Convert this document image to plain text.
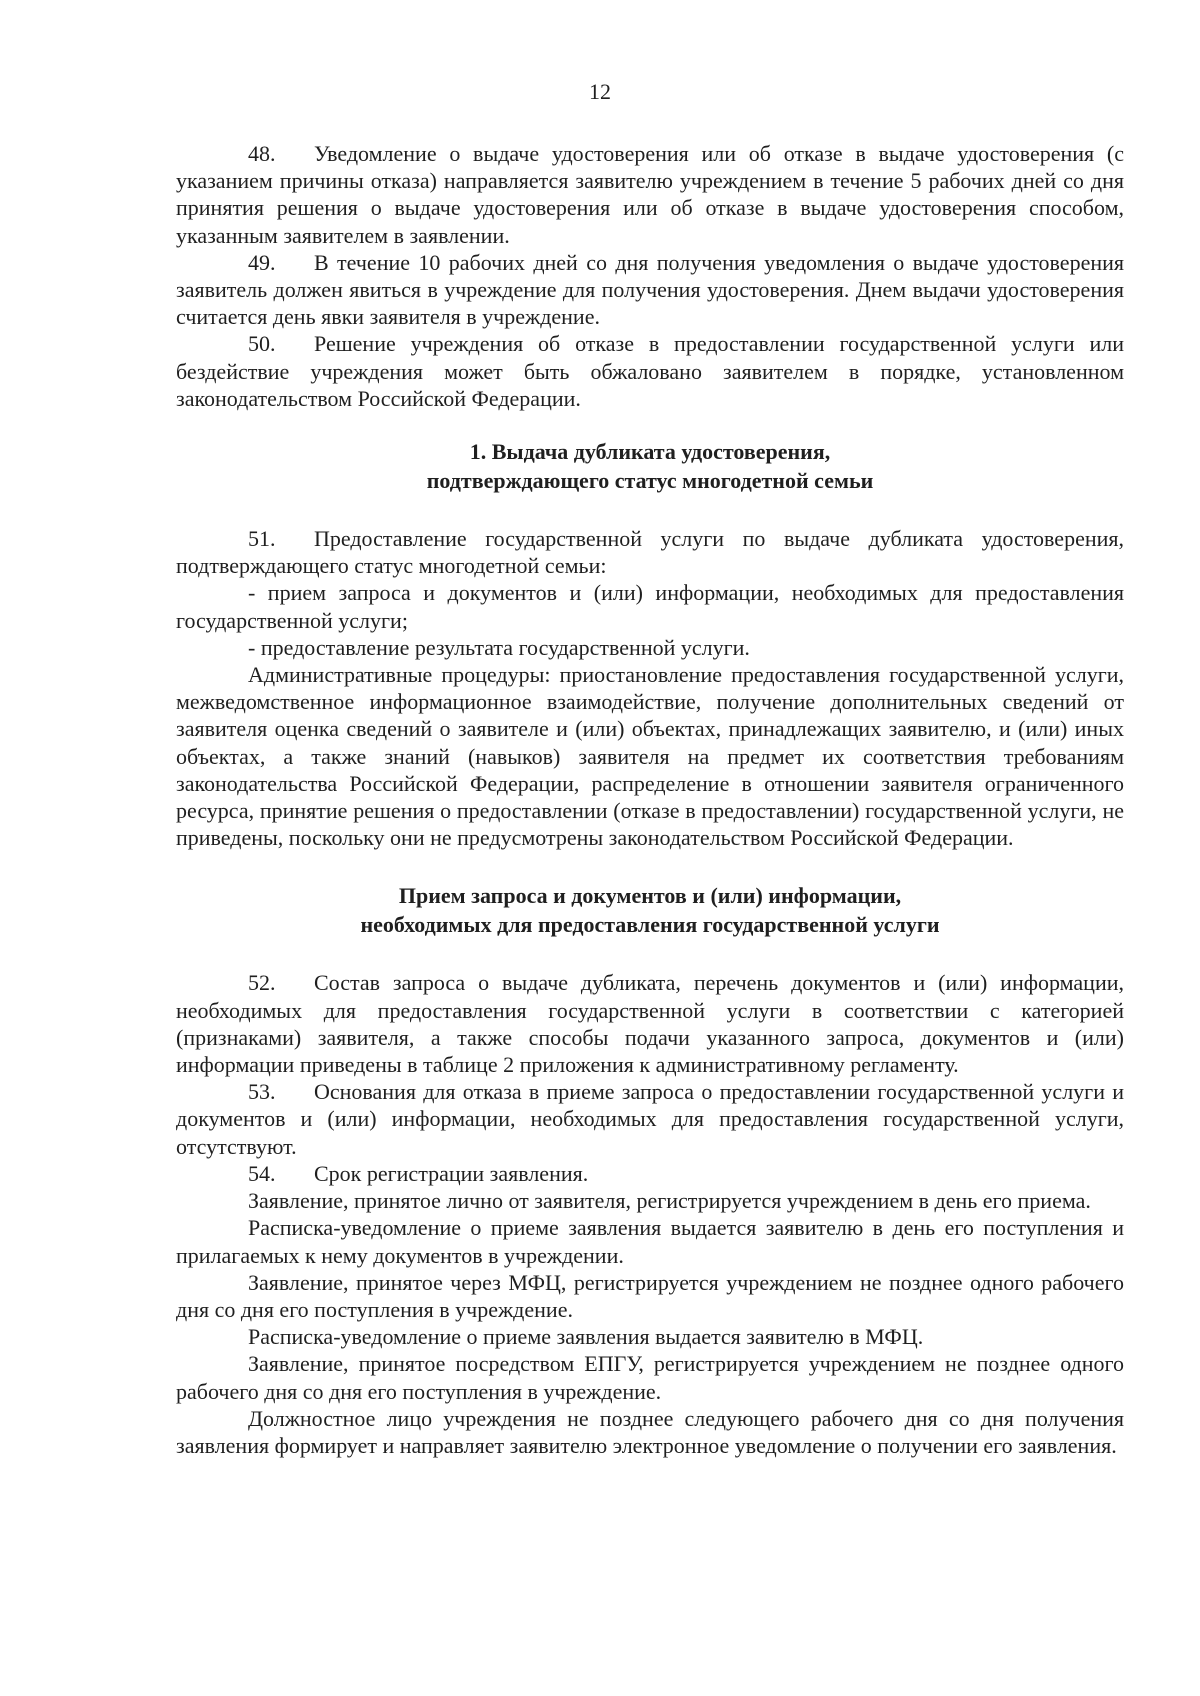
12

48. Уведомление о выдаче удостоверения или об отказе в выдаче удостоверения (с указанием причины отказа) направляется заявителю учреждением в течение 5 рабочих дней со дня принятия решения о выдаче удостоверения или об отказе в выдаче удостоверения способом, указанным заявителем в заявлении.

49. В течение 10 рабочих дней со дня получения уведомления о выдаче удостоверения заявитель должен явиться в учреждение для получения удостоверения. Днем выдачи удостоверения считается день явки заявителя в учреждение.

50. Решение учреждения об отказе в предоставлении государственной услуги или бездействие учреждения может быть обжаловано заявителем в порядке, установленном законодательством Российской Федерации.

1. Выдача дубликата удостоверения,
подтверждающего статус многодетной семьи

51. Предоставление государственной услуги по выдаче дубликата удостоверения, подтверждающего статус многодетной семьи:

- прием запроса и документов и (или) информации, необходимых для предоставления государственной услуги;

- предоставление результата государственной услуги.

Административные процедуры: приостановление предоставления государственной услуги, межведомственное информационное взаимодействие, получение дополнительных сведений от заявителя оценка сведений о заявителе и (или) объектах, принадлежащих заявителю, и (или) иных объектах, а также знаний (навыков) заявителя на предмет их соответствия требованиям законодательства Российской Федерации, распределение в отношении заявителя ограниченного ресурса, принятие решения о предоставлении (отказе в предоставлении) государственной услуги, не приведены, поскольку они не предусмотрены законодательством Российской Федерации.

Прием запроса и документов и (или) информации,
необходимых для предоставления государственной услуги

52. Состав запроса о выдаче дубликата, перечень документов и (или) информации, необходимых для предоставления государственной услуги в соответствии с категорией (признаками) заявителя, а также способы подачи указанного запроса, документов и (или) информации приведены в таблице 2 приложения к административному регламенту.

53. Основания для отказа в приеме запроса о предоставлении государственной услуги и документов и (или) информации, необходимых для предоставления государственной услуги, отсутствуют.

54. Срок регистрации заявления.

Заявление, принятое лично от заявителя, регистрируется учреждением в день его приема.

Расписка-уведомление о приеме заявления выдается заявителю в день его поступления и прилагаемых к нему документов в учреждении.

Заявление, принятое через МФЦ, регистрируется учреждением не позднее одного рабочего дня со дня его поступления в учреждение.

Расписка-уведомление о приеме заявления выдается заявителю в МФЦ.

Заявление, принятое посредством ЕПГУ, регистрируется учреждением не позднее одного рабочего дня со дня его поступления в учреждение.

Должностное лицо учреждения не позднее следующего рабочего дня со дня получения заявления формирует и направляет заявителю электронное уведомление о получении его заявления.
